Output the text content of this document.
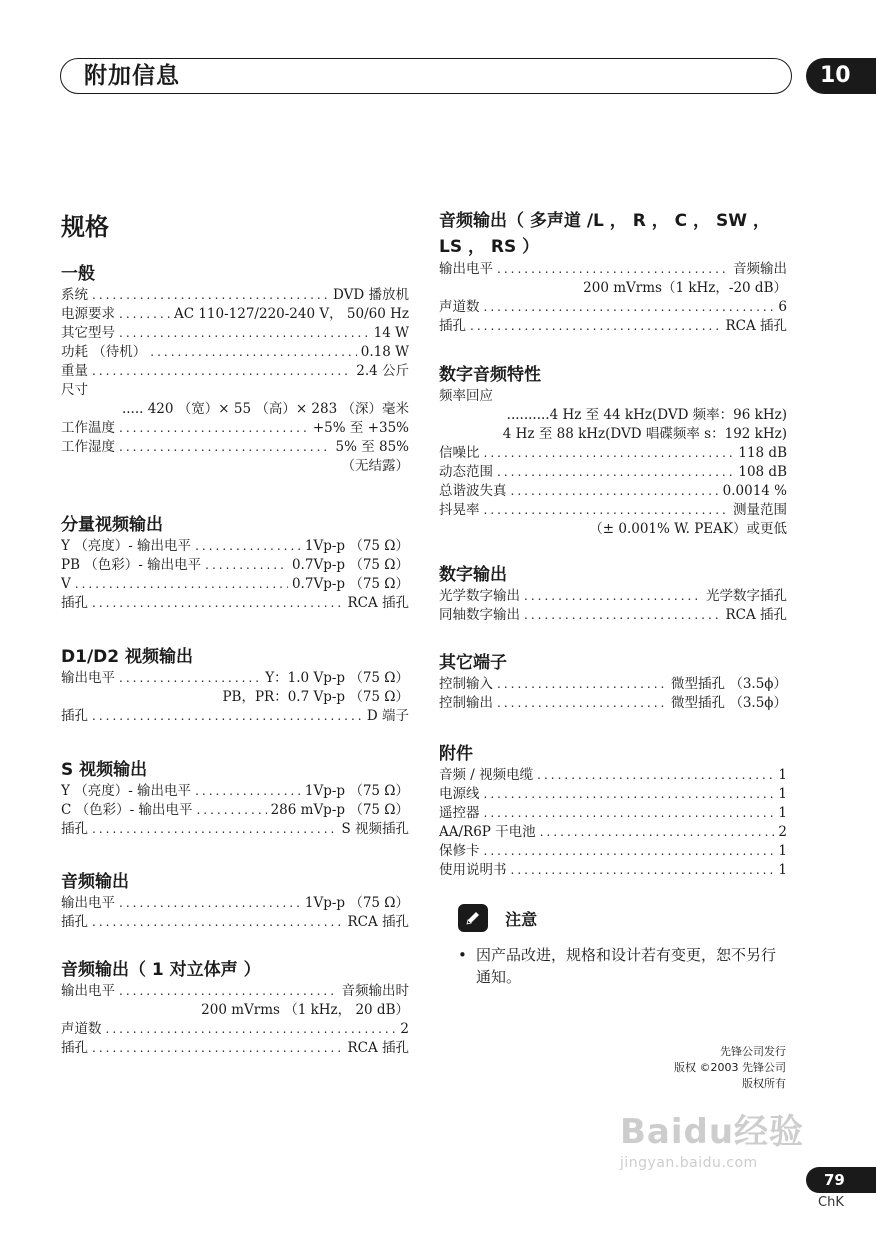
附加信息	10
规格
一般
系统 .....	DVD 播放机
电源要求 .....	AC 110-127/220-240 V， 50/60 Hz
其它型号 .....	14 W
功耗 （待机） .....	0.18 W
重量 .....	2.4 公斤
尺寸
..... 420 （宽）× 55 （高）× 283 （深）毫米
工作温度 .....	+5% 至 +35%
工作湿度 .....	5% 至 85%
（无结露）
分量视频输出
Y （亮度）- 输出电平 .....	1Vp-p （75 Ω）
PB （色彩）- 输出电平 .....	0.7Vp-p （75 Ω）
V .....	0.7Vp-p （75 Ω）
插孔 .....	RCA 插孔
D1/D2 视频输出
输出电平 .....	Y：1.0 Vp-p （75 Ω）
PB，PR：0.7 Vp-p （75 Ω）
插孔 .....	D 端子
S 视频输出
Y （亮度）- 输出电平 .....	1Vp-p （75 Ω）
C （色彩）- 输出电平 .....	286 mVp-p （75 Ω）
插孔 .....	S 视频插孔
音频输出
输出电平 .....	1Vp-p （75 Ω）
插孔 .....	RCA 插孔
音频输出（ 1 对立体声 ）
输出电平 .....	音频输出时
200 mVrms （1 kHz， 20 dB）
声道数 .....	2
插孔 .....	RCA 插孔
音频输出（ 多声道 /L ， R ， C ， SW ， LS ， RS ）
输出电平 .....	音频输出
200 mVrms（1 kHz，-20 dB）
声道数 .....	6
插孔 .....	RCA 插孔
数字音频特性
频率回应
..........4 Hz 至 44 kHz(DVD 频率：96 kHz)
4 Hz 至 88 kHz(DVD 唱碟频率 s：192 kHz)
信噪比 .....	118 dB
动态范围 .....	108 dB
总谐波失真 .....	0.0014 %
抖晃率 .....	测量范围
（± 0.001% W. PEAK）或更低
数字输出
光学数字输出 .....	光学数字插孔
同轴数字输出 .....	RCA 插孔
其它端子
控制输入 .....	微型插孔 （3.5ϕ）
控制输出 .....	微型插孔 （3.5ϕ）
附件
音频 / 视频电缆 .....	1
电源线 .....	1
遥控器 .....	1
AA/R6P 干电池 .....	2
保修卡 .....	1
使用说明书 .....	1
注意
• 因产品改进，规格和设计若有变更，恕不另行通知。
先锋公司发行
版权 ©2003 先锋公司
版权所有
Baidu经验
jingyan.baidu.com
79
ChK
